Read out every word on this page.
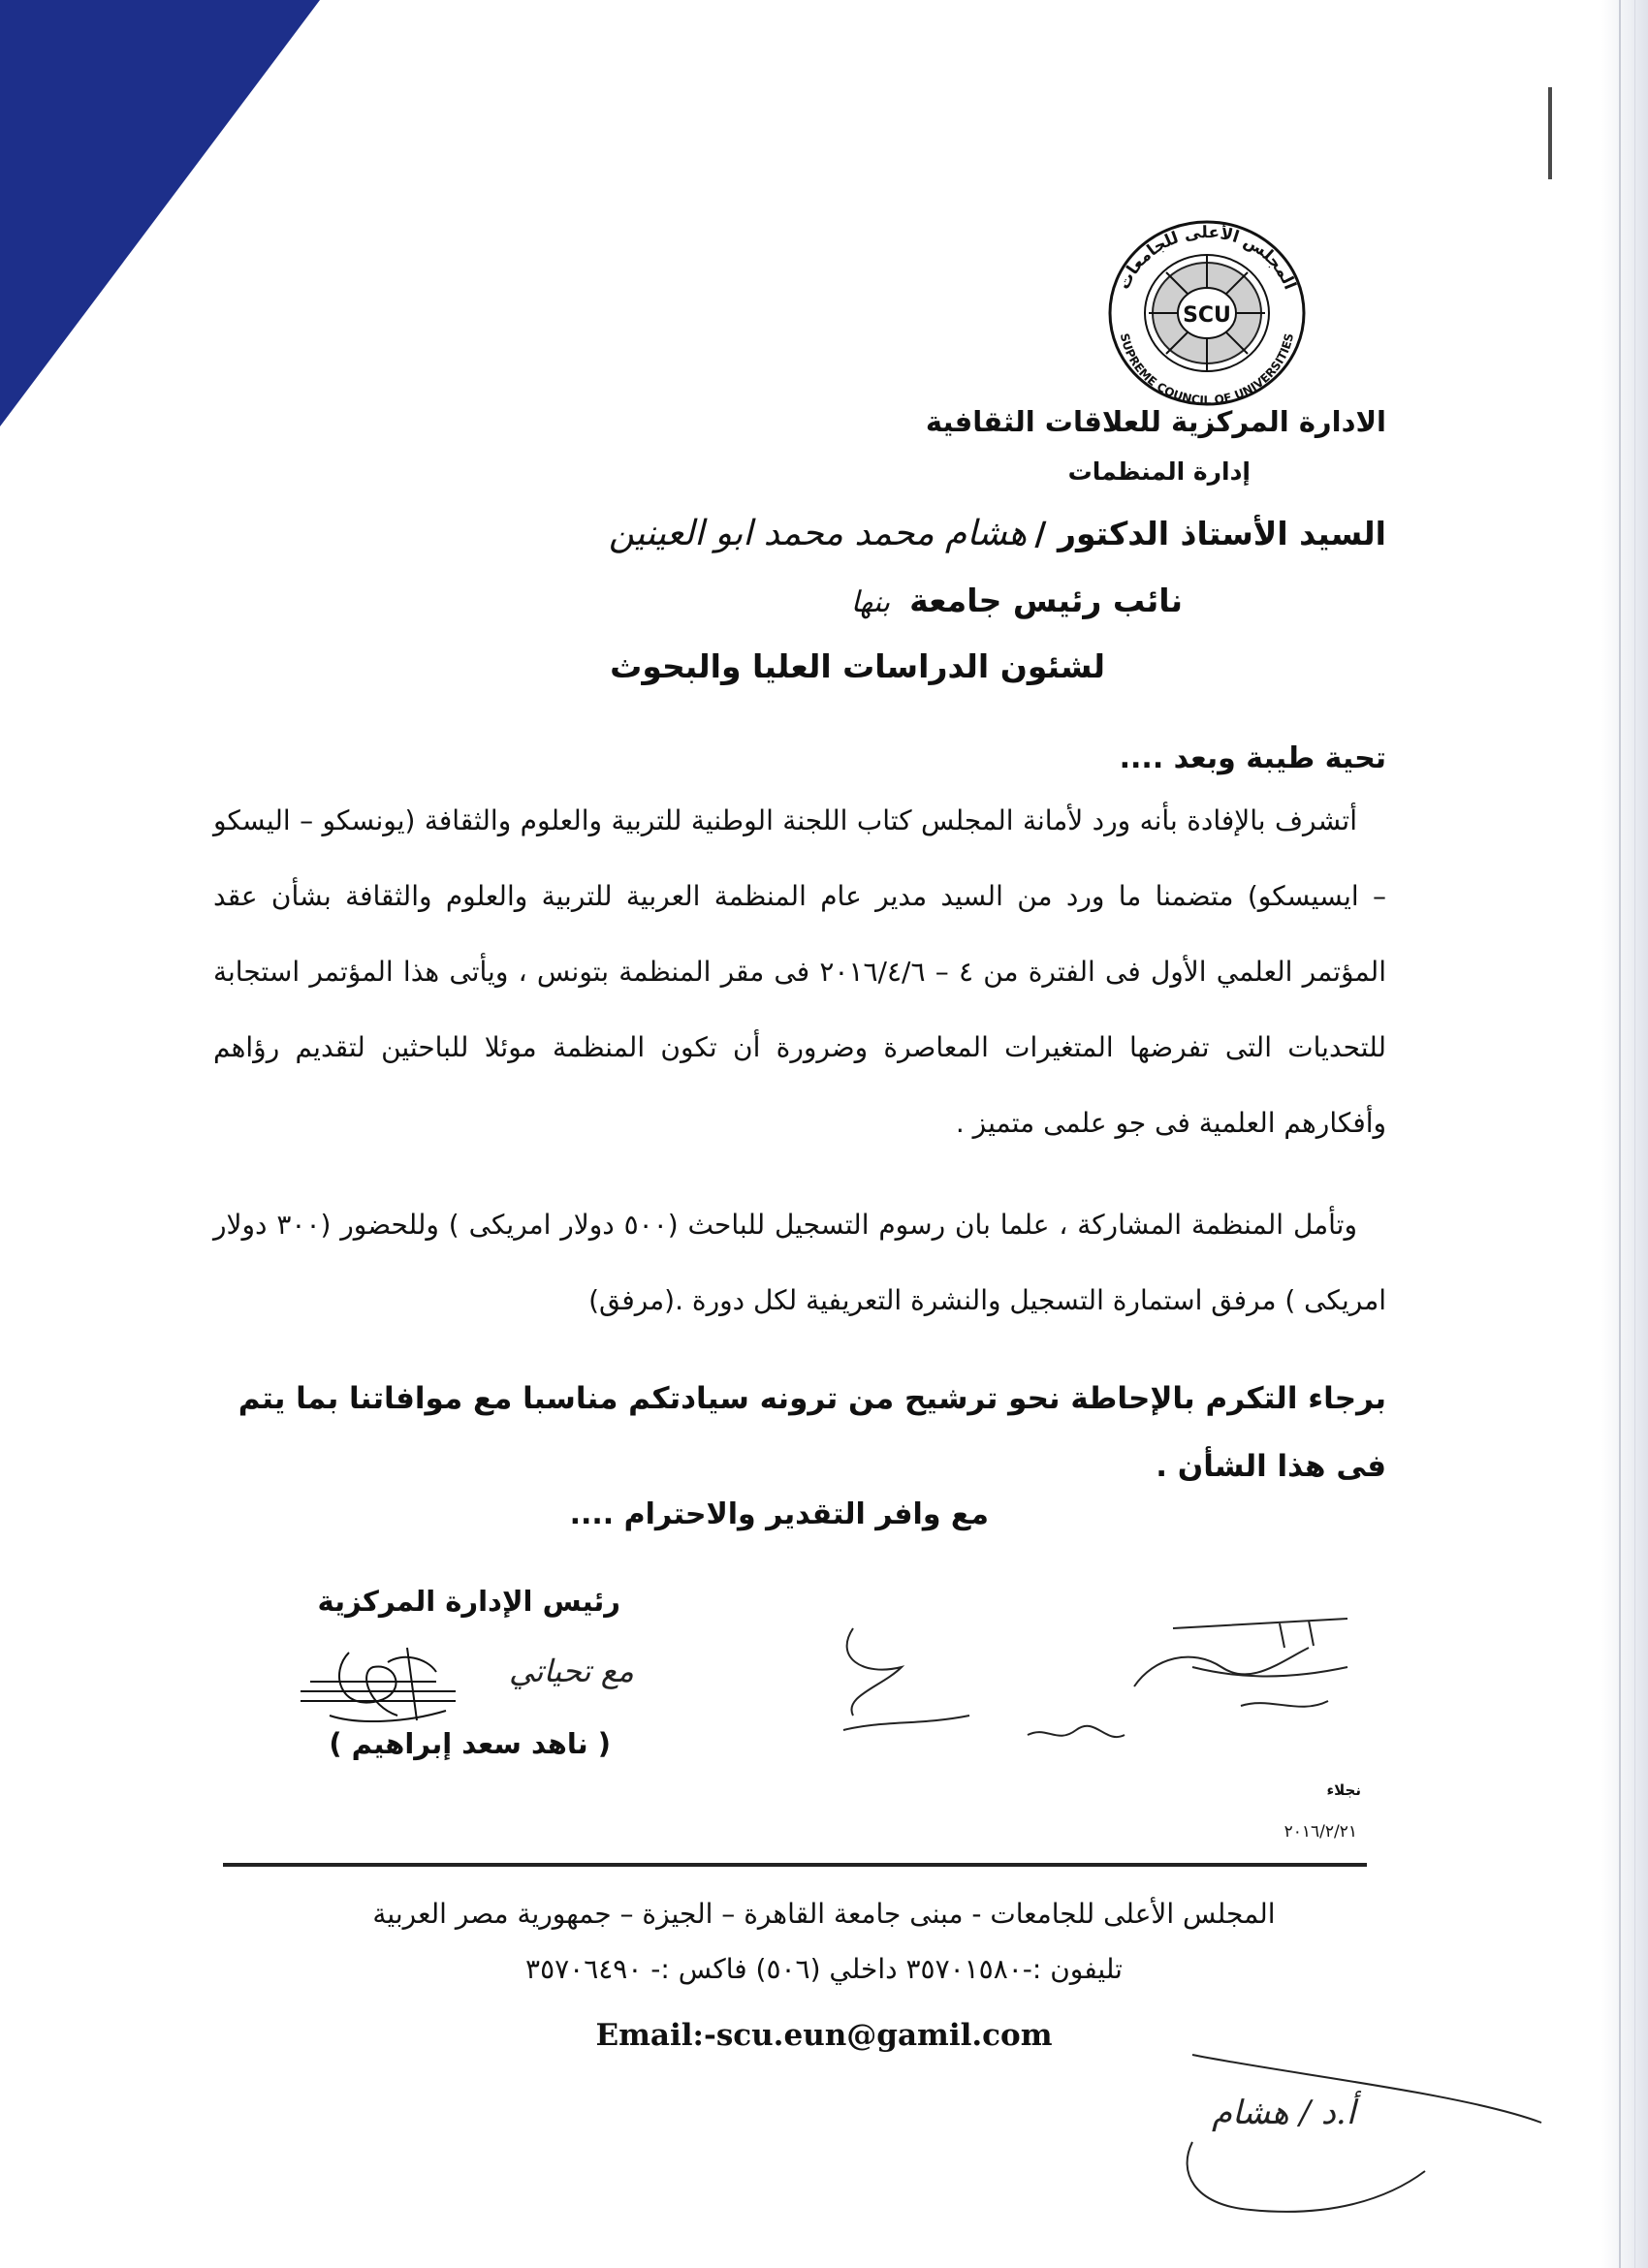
SCU
المجلس الأعلى للجامعات
SUPREME COUNCIL OF UNIVERSITIES
الادارة المركزية للعلاقات الثقافية
إدارة المنظمات
السيد الأستاذ الدكتور /هشام محمد محمد ابو العينين
نائب رئيس جامعةبنها
لشئون الدراسات العليا والبحوث
تحية طيبة وبعد ....

أتشرف بالإفادة بأنه ورد لأمانة المجلس كتاب اللجنة الوطنية للتربية والعلوم والثقافة (يونسكو – اليسكو – ايسيسكو) متضمنا ما ورد من السيد مدير عام المنظمة العربية للتربية والعلوم والثقافة بشأن عقد المؤتمر العلمي الأول فى الفترة من ٤ – ٢٠١٦/٤/٦ فى مقر المنظمة بتونس ، ويأتى هذا المؤتمر استجابة للتحديات التى تفرضها المتغيرات المعاصرة وضرورة أن تكون المنظمة موئلا للباحثين لتقديم رؤاهم وأفكارهم العلمية فى جو علمى متميز .

وتأمل المنظمة المشاركة ، علما بان رسوم التسجيل للباحث (٥٠٠ دولار امريكى ) وللحضور (٣٠٠ دولار امريكى ) مرفق استمارة التسجيل والنشرة التعريفية لكل دورة .(مرفق)

برجاء التكرم بالإحاطة نحو ترشيح من ترونه سيادتكم مناسبا مع موافاتنا بما يتم فى هذا الشأن .
مع وافر التقدير والاحترام ....
رئيس الإدارة المركزية
( ناهد سعد إبراهيم )
نجلاء
٢٠١٦/٢/٢١
مع تحياتي
المجلس الأعلى للجامعات - مبنى جامعة القاهرة – الجيزة – جمهورية مصر العربية
تليفون :-٣٥٧٠١٥٨٠ داخلي (٥٠٦) فاكس :- ٣٥٧٠٦٤٩٠
Email:-scu.eun@gamil.com
أ.د / هشام
